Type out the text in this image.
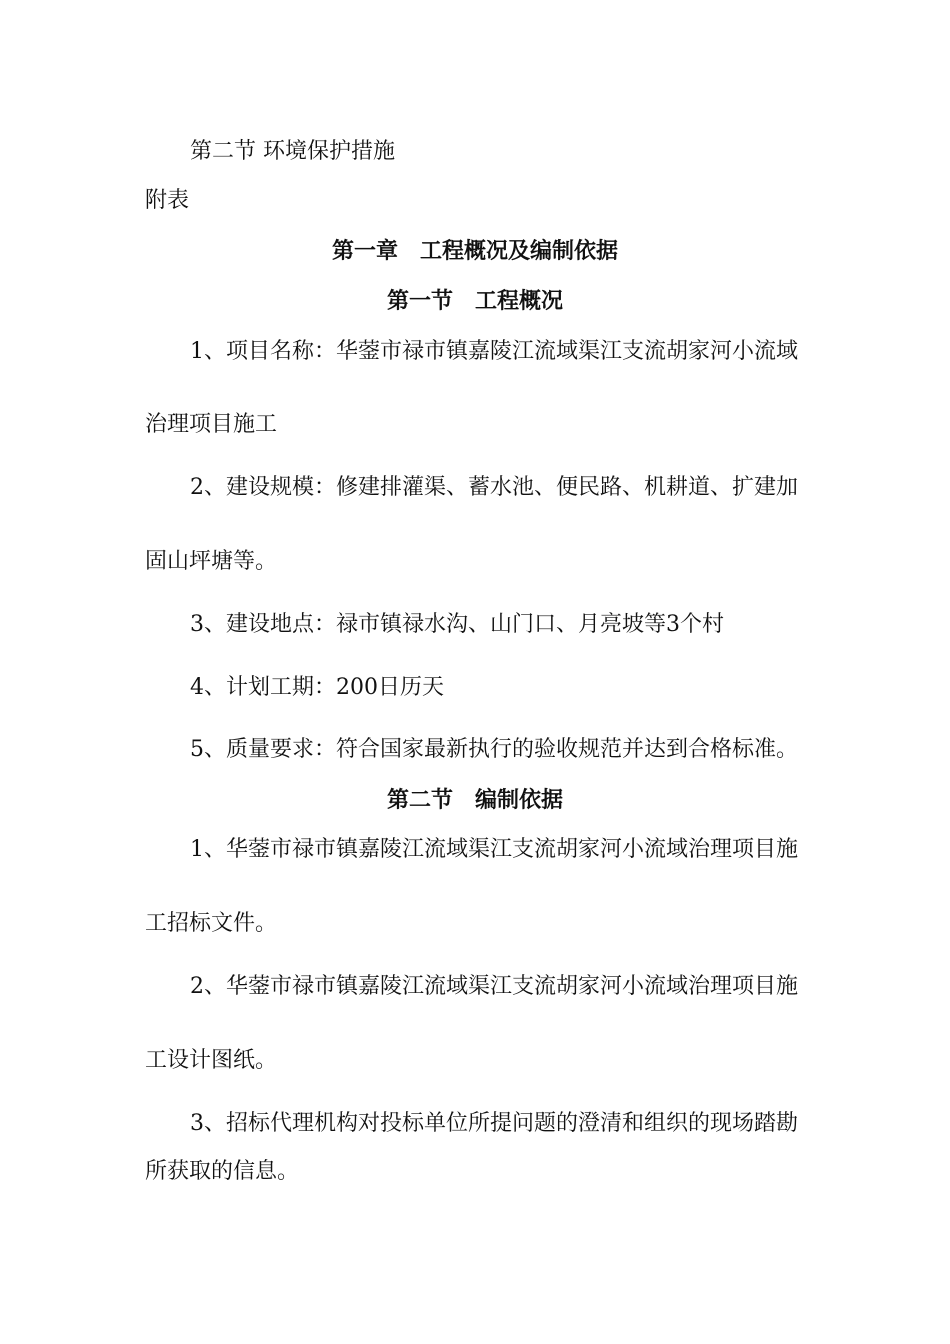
第二节 环境保护措施
附表
第一章　工程概况及编制依据
第一节　工程概况
1、项目名称：华蓥市禄市镇嘉陵江流域渠江支流胡家河小流域
治理项目施工
2、建设规模：修建排灌渠、蓄水池、便民路、机耕道、扩建加
固山坪塘等。
3、建设地点：禄市镇禄水沟、山门口、月亮坡等3个村
4、计划工期：200日历天
5、质量要求：符合国家最新执行的验收规范并达到合格标准。
第二节　编制依据
1、华蓥市禄市镇嘉陵江流域渠江支流胡家河小流域治理项目施
工招标文件。
2、华蓥市禄市镇嘉陵江流域渠江支流胡家河小流域治理项目施
工设计图纸。
3、招标代理机构对投标单位所提问题的澄清和组织的现场踏勘
所获取的信息。
